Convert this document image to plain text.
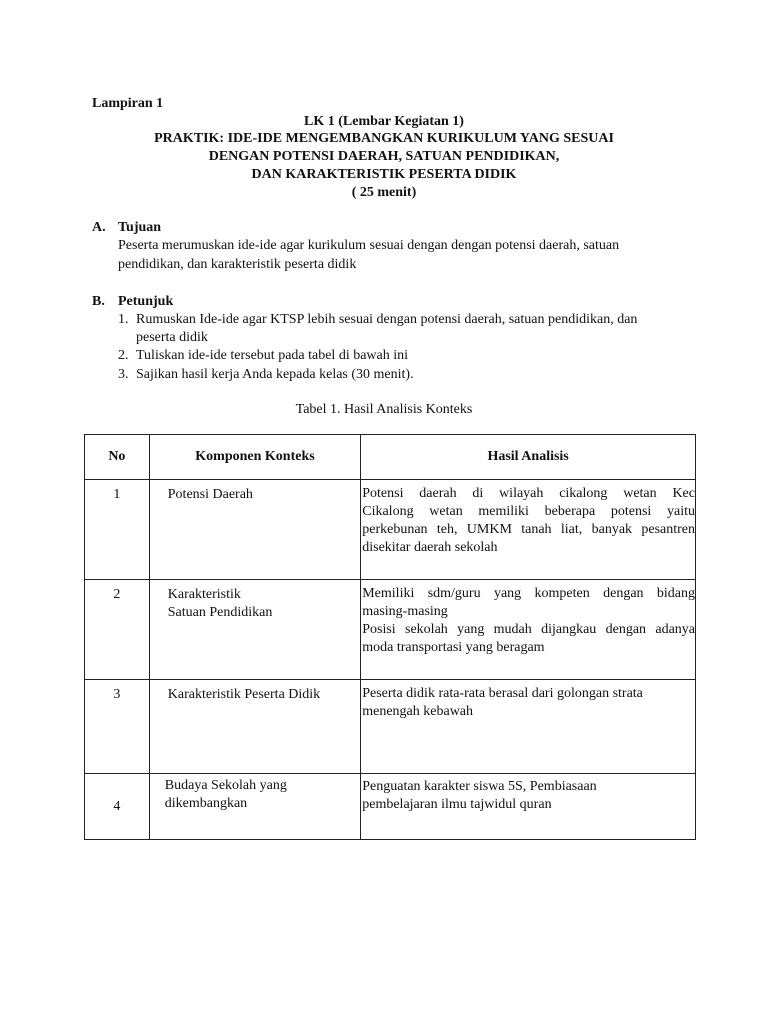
Lampiran 1
LK 1 (Lembar Kegiatan 1)
PRAKTIK: IDE-IDE MENGEMBANGKAN KURIKULUM YANG SESUAI
DENGAN POTENSI DAERAH, SATUAN PENDIDIKAN,
DAN KARAKTERISTIK PESERTA DIDIK
( 25 menit)
A. Tujuan
Peserta merumuskan ide-ide agar kurikulum sesuai dengan dengan potensi daerah, satuan
pendidikan, dan karakteristik peserta didik
B. Petunjuk
1. Rumuskan Ide-ide agar KTSP lebih sesuai dengan potensi daerah, satuan pendidikan, dan
peserta didik
2. Tuliskan ide-ide tersebut pada tabel di bawah ini
3. Sajikan hasil kerja Anda kepada kelas (30 menit).
Tabel 1. Hasil Analisis Konteks
No	Komponen Konteks	Hasil Analisis
1	Potensi Daerah	Potensi daerah di wilayah cikalong wetan Kec
Cikalong wetan memiliki beberapa potensi yaitu
perkebunan teh, UMKM tanah liat, banyak pesantren
disekitar daerah sekolah

2	Karakteristik
Satuan Pendidikan	Memiliki sdm/guru yang kompeten dengan bidang
masing-masing
Posisi sekolah yang mudah dijangkau dengan adanya
moda transportasi yang beragam

3	Karakteristik Peserta Didik	Peserta didik rata-rata berasal dari golongan strata
menengah kebawah

4	Budaya Sekolah yang
dikembangkan	Penguatan karakter siswa 5S, Pembiasaan
pembelajaran ilmu tajwidul quran
